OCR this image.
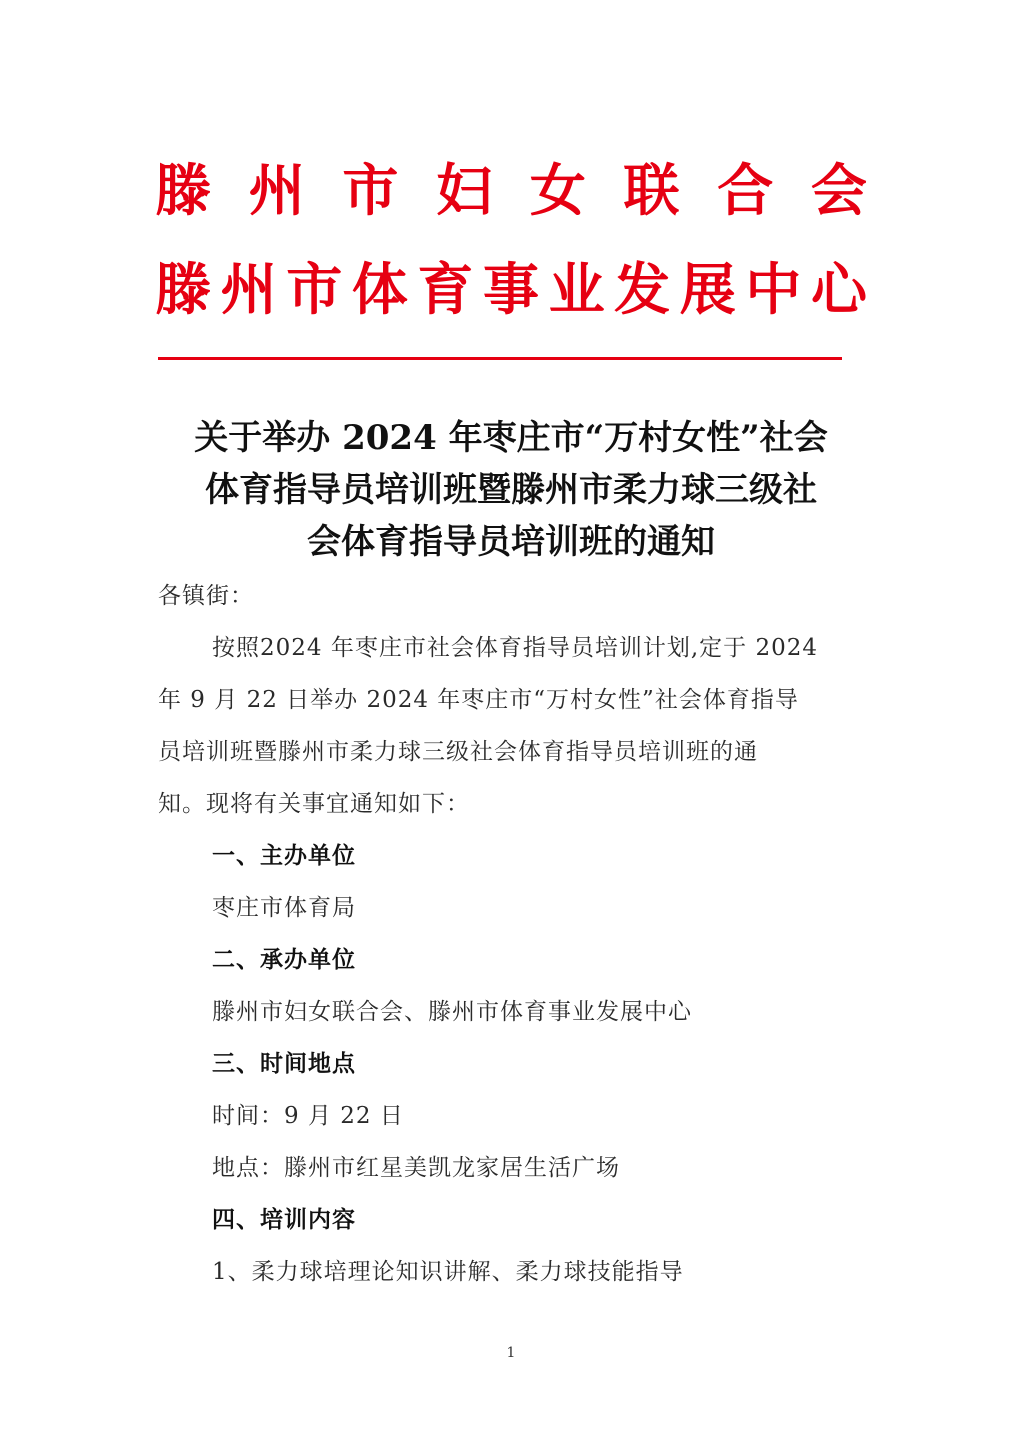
滕 州 市 妇 女 联 合 会
滕 州 市 体 育 事 业 发 展 中 心
关于举办 2024 年枣庄市“万村女性”社会
体育指导员培训班暨滕州市柔力球三级社
会体育指导员培训班的通知
各镇街：
按照2024 年枣庄市社会体育指导员培训计划,定于 2024
年 9 月 22 日举办 2024 年枣庄市“万村女性”社会体育指导
员培训班暨滕州市柔力球三级社会体育指导员培训班的通
知。现将有关事宜通知如下：
一、主办单位
枣庄市体育局
二、承办单位
滕州市妇女联合会、滕州市体育事业发展中心
三、时间地点
时间：9 月 22 日
地点：滕州市红星美凯龙家居生活广场
四、培训内容
1、柔力球培理论知识讲解、柔力球技能指导
1
